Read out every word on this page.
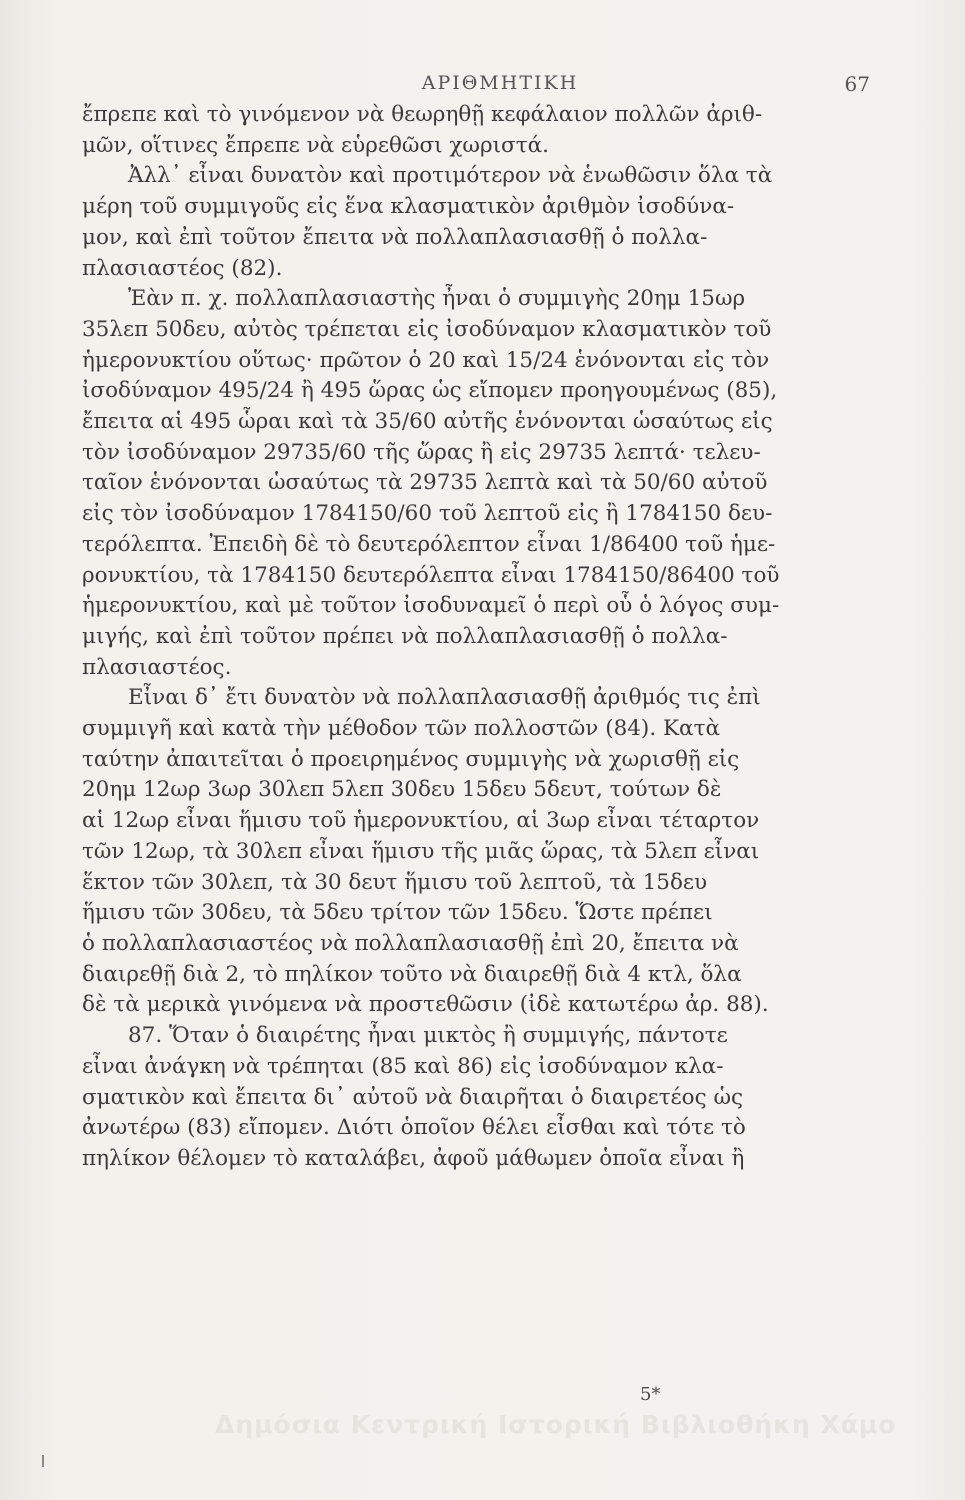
ΑΡΙΘΜΗΤΙΚΗ	67
ἔπρεπε καὶ τὸ γινόμενον νὰ θεωρηθῇ κεφάλαιον πολλῶν ἀριθ-
μῶν, οἵτινες ἔπρεπε νὰ εὑρεθῶσι χωριστά.
Ἀλλ᾽ εἶναι δυνατὸν καὶ προτιμότερον νὰ ἑνωθῶσιν ὅλα τὰ
μέρη τοῦ συμμιγοῦς εἰς ἕνα κλασματικὸν ἀριθμὸν ἰσοδύνα-
μον, καὶ ἐπὶ τοῦτον ἔπειτα νὰ πολλαπλασιασθῇ ὁ πολλα-
πλασιαστέος (82).
Ἐὰν π. χ. πολλαπλασιαστὴς ἦναι ὁ συμμιγὴς 20ημ 15ωρ
35λεπ 50δευ, αὐτὸς τρέπεται εἰς ἰσοδύναμον κλασματικὸν τοῦ
ἡμερονυκτίου οὕτως· πρῶτον ὁ 20 καὶ 15/24 ἑνόνονται εἰς τὸν
ἰσοδύναμον 495/24 ἢ 495 ὥρας ὡς εἴπομεν προηγουμένως (85),
ἔπειτα αἱ 495 ὧραι καὶ τὰ 35/60 αὐτῆς ἑνόνονται ὡσαύτως εἰς
τὸν ἰσοδύναμον 29735/60 τῆς ὥρας ἢ εἰς 29735 λεπτά· τελευ-
ταῖον ἑνόνονται ὡσαύτως τὰ 29735 λεπτὰ καὶ τὰ 50/60 αὐτοῦ
εἰς τὸν ἰσοδύναμον 1784150/60 τοῦ λεπτοῦ εἰς ἢ 1784150 δευ-
τερόλεπτα. Ἐπειδὴ δὲ τὸ δευτερόλεπτον εἶναι 1/86400 τοῦ ἡμε-
ρονυκτίου, τὰ 1784150 δευτερόλεπτα εἶναι 1784150/86400 τοῦ
ἡμερονυκτίου, καὶ μὲ τοῦτον ἰσοδυναμεῖ ὁ περὶ οὗ ὁ λόγος συμ-
μιγής, καὶ ἐπὶ τοῦτον πρέπει νὰ πολλαπλασιασθῇ ὁ πολλα-
πλασιαστέος.
Εἶναι δ᾽ ἔτι δυνατὸν νὰ πολλαπλασιασθῇ ἀριθμός τις ἐπὶ
συμμιγῆ καὶ κατὰ τὴν μέθοδον τῶν πολλοστῶν (84). Κατὰ
ταύτην ἀπαιτεῖται ὁ προειρημένος συμμιγὴς νὰ χωρισθῇ εἰς
20ημ 12ωρ 3ωρ 30λεπ 5λεπ 30δευ 15δευ 5δευτ, τούτων δὲ
αἱ 12ωρ εἶναι ἥμισυ τοῦ ἡμερονυκτίου, αἱ 3ωρ εἶναι τέταρτον
τῶν 12ωρ, τὰ 30λεπ εἶναι ἥμισυ τῆς μιᾶς ὥρας, τὰ 5λεπ εἶναι
ἕκτον τῶν 30λεπ, τὰ 30 δευτ ἥμισυ τοῦ λεπτοῦ, τὰ 15δευ
ἥμισυ τῶν 30δευ, τὰ 5δευ τρίτον τῶν 15δευ. Ὥστε πρέπει
ὁ πολλαπλασιαστέος νὰ πολλαπλασιασθῇ ἐπὶ 20, ἔπειτα νὰ
διαιρεθῇ διὰ 2, τὸ πηλίκον τοῦτο νὰ διαιρεθῇ διὰ 4 κτλ, ὅλα
δὲ τὰ μερικὰ γινόμενα νὰ προστεθῶσιν (ἰδὲ κατωτέρω ἀρ. 88).
87. Ὅταν ὁ διαιρέτης ἦναι μικτὸς ἢ συμμιγής, πάντοτε
εἶναι ἀνάγκη νὰ τρέπηται (85 καὶ 86) εἰς ἰσοδύναμον κλα-
σματικὸν καὶ ἔπειτα δι᾽ αὐτοῦ νὰ διαιρῆται ὁ διαιρετέος ὡς
ἀνωτέρω (83) εἴπομεν. Διότι ὁποῖον θέλει εἶσθαι καὶ τότε τὸ
πηλίκον θέλομεν τὸ καταλάβει, ἀφοῦ μάθωμεν ὁποῖα εἶναι ἢ
5*
Δημόσια Κεντρική Ιστορική Βιβλιοθήκη Χάμο
